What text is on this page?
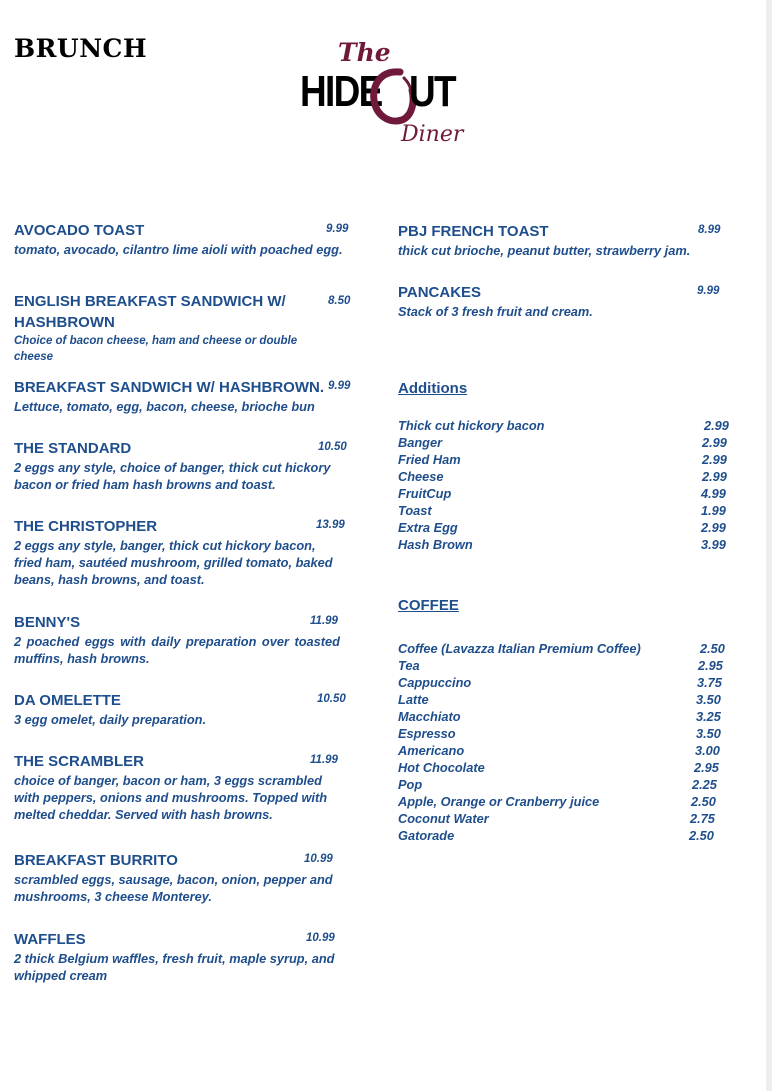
BRUNCH	The
HIDE UT
Diner
AVOCADO TOAST	9.99
tomato, avocado, cilantro lime aioli with poached egg.
ENGLISH BREAKFAST SANDWICH W/ HASHBROWN
8.50
Choice of bacon cheese, ham and cheese or double cheese
BREAKFAST SANDWICH W/ HASHBROWN. 9.99
Lettuce, tomato, egg, bacon, cheese, brioche bun
THE STANDARD	10.50
2 eggs any style, choice of banger, thick cut hickory bacon or fried ham hash browns and toast.
THE CHRISTOPHER	13.99
2 eggs any style, banger, thick cut hickory bacon, fried ham, sautéed mushroom, grilled tomato, baked beans, hash browns, and toast.
BENNY'S	11.99
2 poached eggs with daily preparation over toasted muffins, hash browns.
DA OMELETTE	10.50
3 egg omelet, daily preparation.
THE SCRAMBLER	11.99
choice of banger, bacon or ham, 3 eggs scrambled with peppers, onions and mushrooms. Topped with melted cheddar. Served with hash browns.
BREAKFAST BURRITO	10.99
scrambled eggs, sausage, bacon, onion, pepper and mushrooms, 3 cheese Monterey.
WAFFLES	10.99
2 thick Belgium waffles, fresh fruit, maple syrup, and whipped cream
PBJ FRENCH TOAST	8.99
thick cut brioche, peanut butter, strawberry jam.
PANCAKES	9.99
Stack of 3 fresh fruit and cream.
Additions
Thick cut hickory bacon	2.99
Banger	2.99
Fried Ham	2.99
Cheese	2.99
FruitCup	4.99
Toast	1.99
Extra Egg	2.99
Hash Brown	3.99
COFFEE
Coffee (Lavazza Italian Premium Coffee)	2.50
Tea	2.95
Cappuccino	3.75
Latte	3.50
Macchiato	3.25
Espresso	3.50
Americano	3.00
Hot Chocolate	2.95
Pop	2.25
Apple, Orange or Cranberry juice	2.50
Coconut Water	2.75
Gatorade	2.50
